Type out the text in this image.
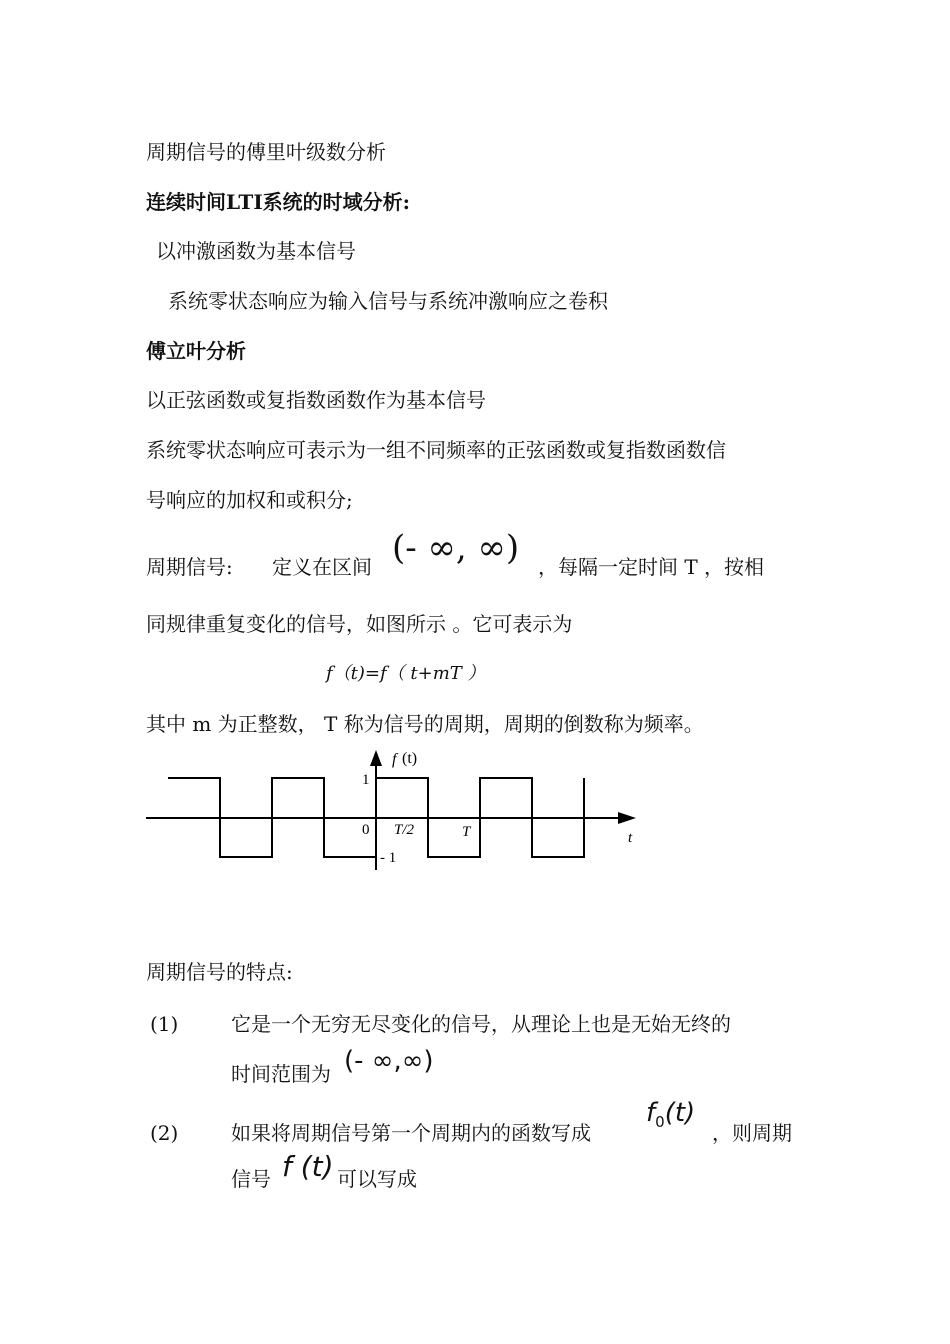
周期信号的傅里叶级数分析
连续时间LTI系统的时域分析:
以冲激函数为基本信号
系统零状态响应为输入信号与系统冲激响应之卷积
傅立叶分析
以正弦函数或复指数函数作为基本信号
系统零状态响应可表示为一组不同频率的正弦函数或复指数函数信
号响应的加权和或积分;
周期信号: 定义在区间 (- ∞, ∞) ，每隔一定时间 T ，按相
同规律重复变化的信号，如图所示 。它可表示为
f（t)=f（ t+mT ）
其中 m 为正整数， T 称为信号的周期，周期的倒数称为频率。
f (t)
1
- 1
0 T/2	T	t
周期信号的特点:
(1)	它是一个无穷无尽变化的信号，从理论上也是无始无终的
时间范围为 (- ∞,∞)
(2)	如果将周期信号第一个周期内的函数写成
$f_0(t)$
，则周期
信号 f (t) 可以写成
